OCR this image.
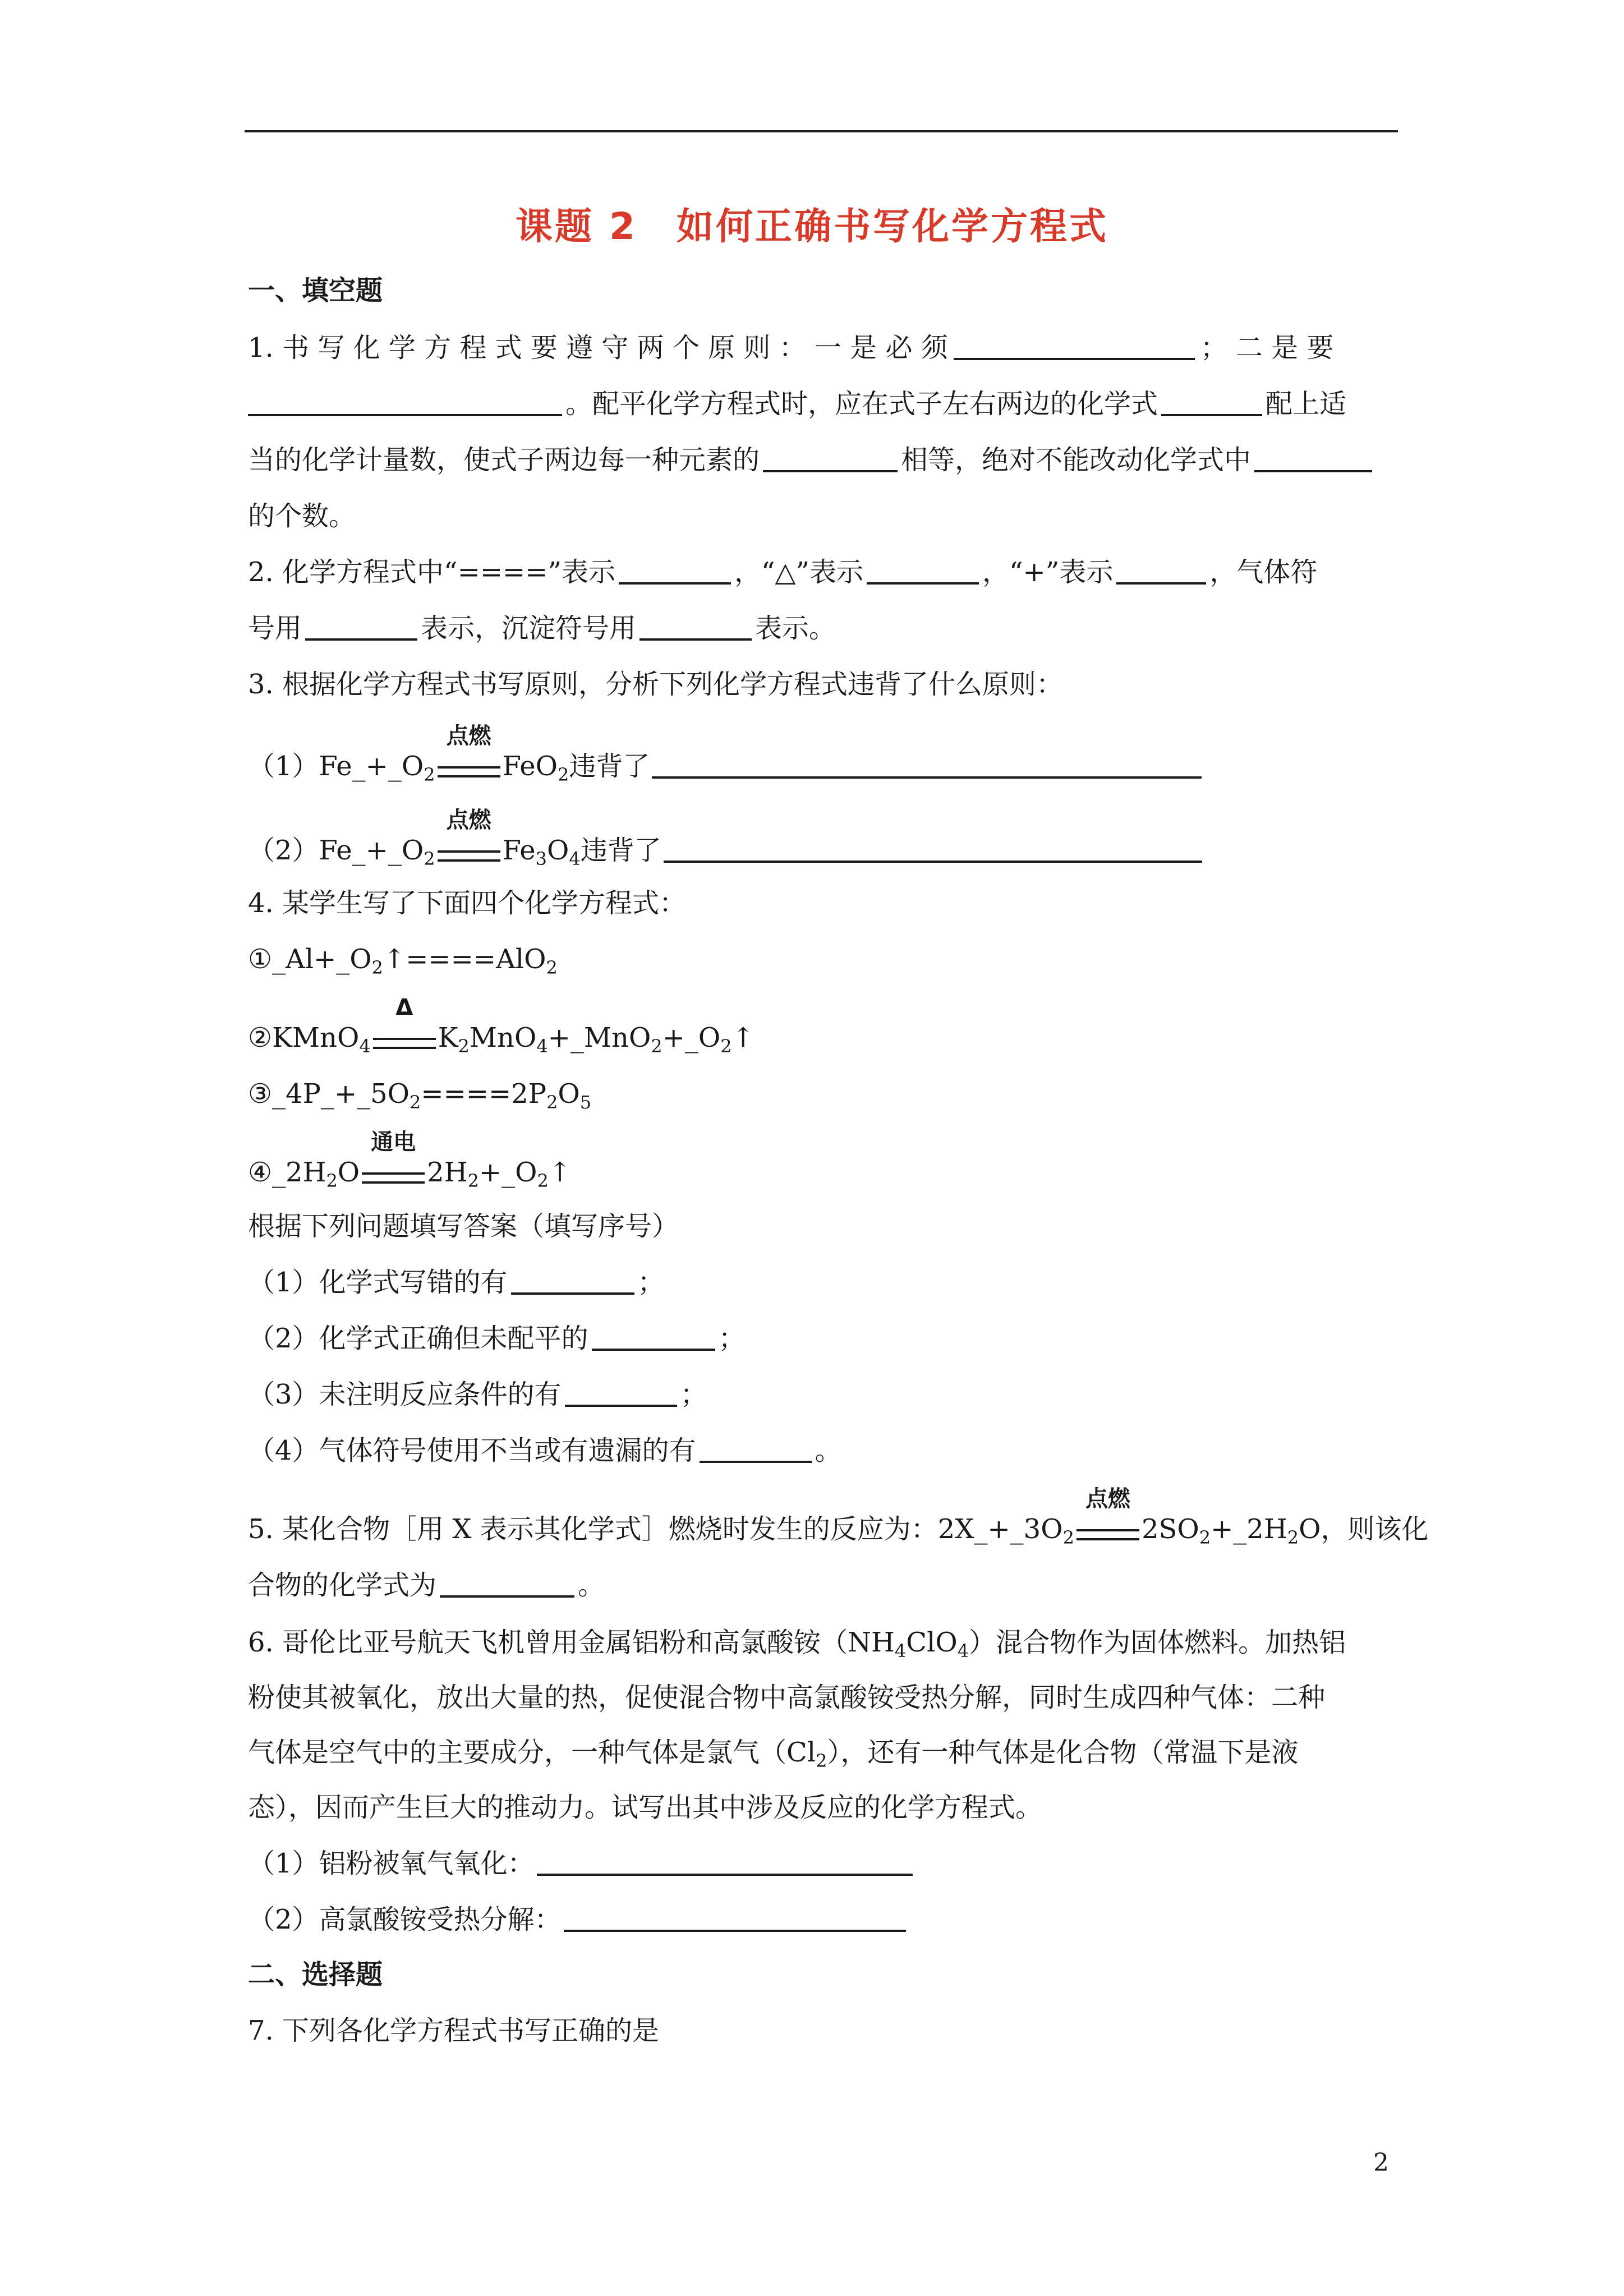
课题 2　如何正确书写化学方程式
一、填空题
1. 书 写 化 学 方 程 式 要 遵 守 两 个 原 则 ： 一 是 必 须	； 二 是 要
。配平化学方程式时，应在式子左右两边的化学式	配上适
当的化学计量数，使式子两边每一种元素的	相等，绝对不能改动化学式中
的个数。
2. 化学方程式中“====”表示	，“△”表示	，“+”表示	，气体符
号用	表示，沉淀符号用	表示。
3. 根据化学方程式书写原则，分析下列化学方程式违背了什么原则：
$(1)Fe\_+\_O_2$
点燃
FeO$_2$违背了
$(2)Fe\_+\_O_2$
点燃
$Fe_3O_4$违背了
4. 某学生写了下面四个化学方程式：
$①\_Al+\_O_2↑====AlO_2$
②KMnO$_4$
Δ
$K_2MnO_4+\_MnO_2+\_O_2↑$
$③\_4P\_+\_5O_2====2P_2O_5$
$④\_2H_2O$
通电
$2H_2+\_O_2↑$
根据下列问题填写答案（填写序号）
（1）化学式写错的有	；
（2）化学式正确但未配平的	；
（3）未注明反应条件的有	；
（4）气体符号使用不当或有遗漏的有	。
5. 某化合物［用 X 表示其化学式］燃烧时发生的反应为：$2X\_+\_3O_2$
点燃
$2SO_2+\_2H_2O$，则该化
合物的化学式为	。
6. 哥伦比亚号航天飞机曾用金属铝粉和高氯酸铵$(NH_4ClO_4)$混合物作为固体燃料。加热铝
粉使其被氧化，放出大量的热，促使混合物中高氯酸铵受热分解，同时生成四种气体：二种
气体是空气中的主要成分，一种气体是氯气$(Cl_2)$，还有一种气体是化合物（常温下是液
态），因而产生巨大的推动力。试写出其中涉及反应的化学方程式。
（1）铝粉被氧气氧化：
（2）高氯酸铵受热分解：
二、选择题
7. 下列各化学方程式书写正确的是
2
